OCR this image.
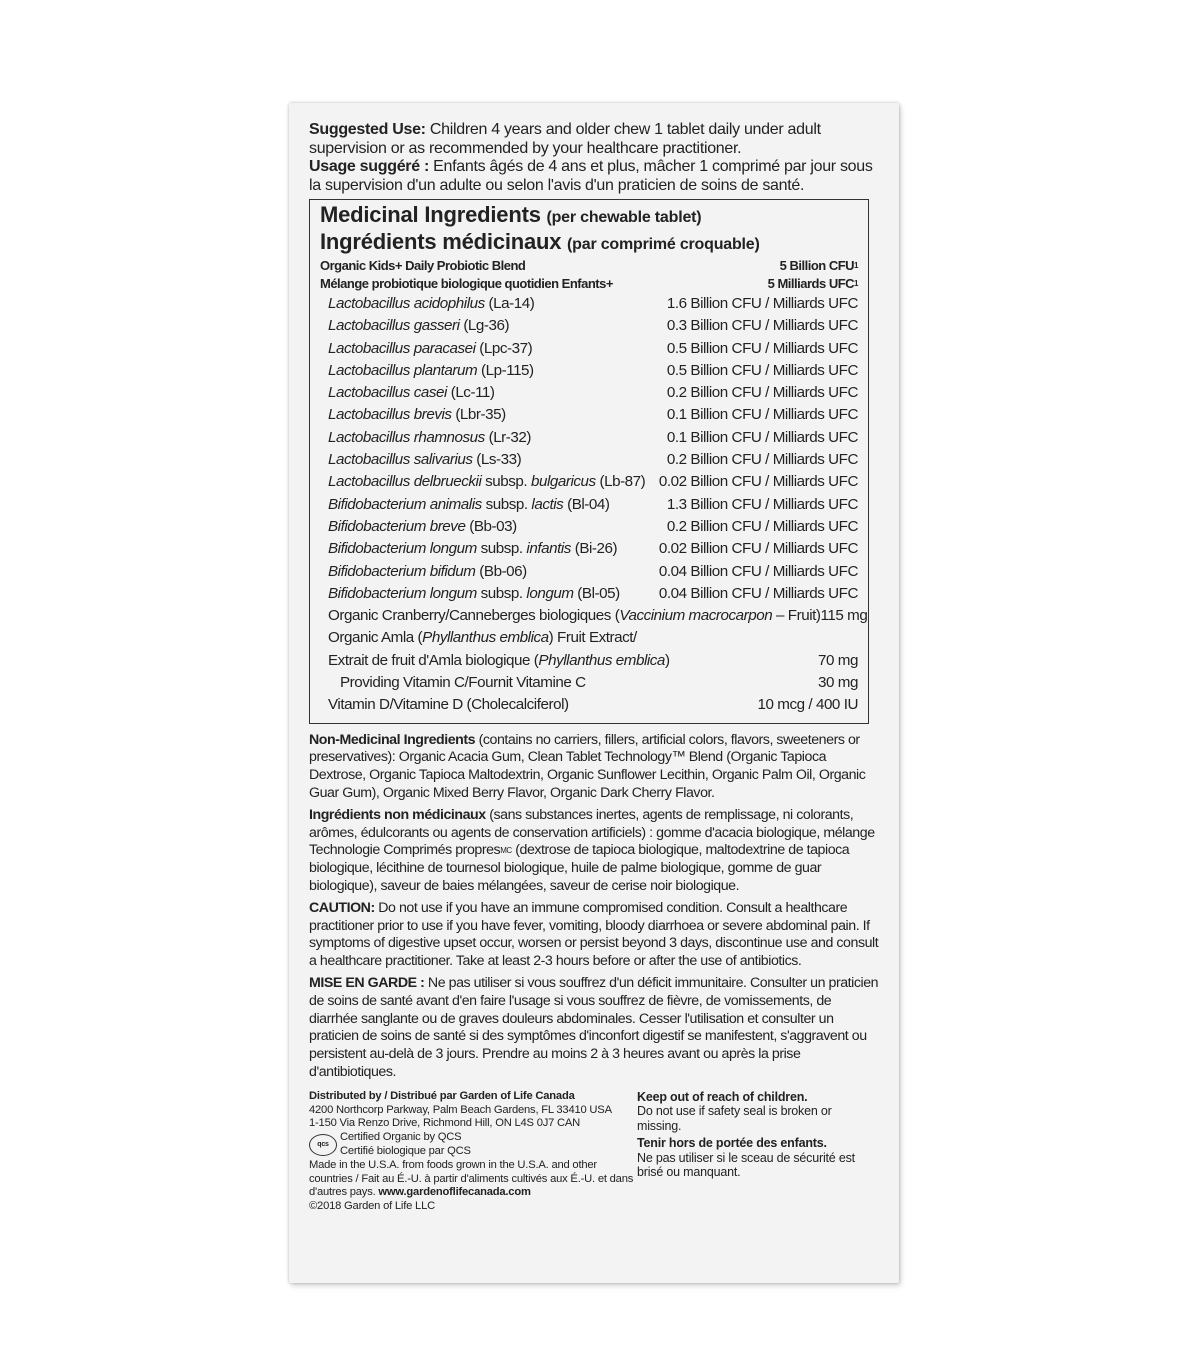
Suggested Use: Children 4 years and older chew 1 tablet daily under adult supervision or as recommended by your healthcare practitioner.

Usage suggéré : Enfants âgés de 4 ans et plus, mâcher 1 comprimé par jour sous la supervision d'un adulte ou selon l'avis d'un praticien de soins de santé.

Medicinal Ingredients (per chewable tablet)
Ingrédients médicinaux (par comprimé croquable)
Organic Kids+ Daily Probiotic Blend	5 Billion CFU$^1$
Mélange probiotique biologique quotidien Enfants+	5 Milliards UFC$^1$
Lactobacillus acidophilus (La-14)	1.6 Billion CFU / Milliards UFC
Lactobacillus gasseri (Lg-36)	0.3 Billion CFU / Milliards UFC
Lactobacillus paracasei (Lpc-37)	0.5 Billion CFU / Milliards UFC
Lactobacillus plantarum (Lp-115)	0.5 Billion CFU / Milliards UFC
Lactobacillus casei (Lc-11)	0.2 Billion CFU / Milliards UFC
Lactobacillus brevis (Lbr-35)	0.1 Billion CFU / Milliards UFC
Lactobacillus rhamnosus (Lr-32)	0.1 Billion CFU / Milliards UFC
Lactobacillus salivarius (Ls-33)	0.2 Billion CFU / Milliards UFC
Lactobacillus delbrueckii subsp. bulgaricus (Lb-87) 0.02 Billion CFU / Milliards UFC
Bifidobacterium animalis subsp. lactis (Bl-04)	1.3 Billion CFU / Milliards UFC
Bifidobacterium breve (Bb-03)	0.2 Billion CFU / Milliards UFC
Bifidobacterium longum subsp. infantis (Bi-26)	0.02 Billion CFU / Milliards UFC
Bifidobacterium bifidum (Bb-06)	0.04 Billion CFU / Milliards UFC
Bifidobacterium longum subsp. longum (Bl-05)	0.04 Billion CFU / Milliards UFC
Organic Cranberry/Canneberges biologiques (Vaccinium macrocarpon – Fruit) 115 mg
Organic Amla (Phyllanthus emblica) Fruit Extract/
Extrait de fruit d'Amla biologique (Phyllanthus emblica)	70 mg
Providing Vitamin C/Fournit Vitamine C	30 mg
Vitamin D/Vitamine D (Cholecalciferol)	10 mcg / 400 IU

Non-Medicinal Ingredients (contains no carriers, fillers, artificial colors, flavors, sweeteners or preservatives): Organic Acacia Gum, Clean Tablet Technology™ Blend (Organic Tapioca Dextrose, Organic Tapioca Maltodextrin, Organic Sunflower Lecithin, Organic Palm Oil, Organic Guar Gum), Organic Mixed Berry Flavor, Organic Dark Cherry Flavor.

Ingrédients non médicinaux (sans substances inertes, agents de remplissage, ni colorants, arômes, édulcorants ou agents de conservation artificiels) : gomme d'acacia biologique, mélange Technologie Comprimés propres$^{MC}$ (dextrose de tapioca biologique, maltodextrine de tapioca biologique, lécithine de tournesol biologique, huile de palme biologique, gomme de guar biologique), saveur de baies mélangées, saveur de cerise noir biologique.

CAUTION: Do not use if you have an immune compromised condition. Consult a healthcare practitioner prior to use if you have fever, vomiting, bloody diarrhoea or severe abdominal pain. If symptoms of digestive upset occur, worsen or persist beyond 3 days, discontinue use and consult a healthcare practitioner. Take at least 2-3 hours before or after the use of antibiotics.

MISE EN GARDE : Ne pas utiliser si vous souffrez d'un déficit immunitaire. Consulter un praticien de soins de santé avant d'en faire l'usage si vous souffrez de fièvre, de vomissements, de diarrhée sanglante ou de graves douleurs abdominales. Cesser l'utilisation et consulter un praticien de soins de santé si des symptômes d'inconfort digestif se manifestent, s'aggravent ou persistent au-delà de 3 jours. Prendre au moins 2 à 3 heures avant ou après la prise d'antibiotiques.

Distributed by / Distribué par Garden of Life Canada

4200 Northcorp Parkway, Palm Beach Gardens, FL 33410 USA

1-150 Via Renzo Drive, Richmond Hill, ON L4S 0J7 CAN

qcs

Certified Organic by QCS

Certifié biologique par QCS

Made in the U.S.A. from foods grown in the U.S.A. and other countries / Fait au É.-U. à partir d'aliments cultivés aux É.-U. et dans d'autres pays. www.gardenoflifecanada.com

©2018 Garden of Life LLC

Keep out of reach of children.

Do not use if safety seal is broken or missing.

Tenir hors de portée des enfants.

Ne pas utiliser si le sceau de sécurité est brisé ou manquant.
